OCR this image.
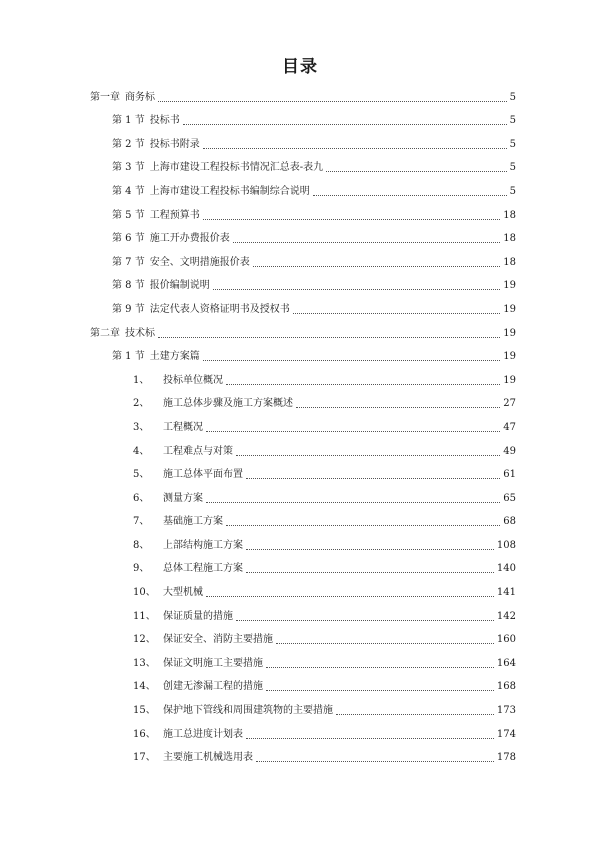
目录
第一章 商务标	5
第 1 节 投标书	5
第 2 节 投标书附录	5
第 3 节 上海市建设工程投标书情况汇总表-表九	5
第 4 节 上海市建设工程投标书编制综合说明	5
第 5 节 工程预算书	18
第 6 节 施工开办费报价表	18
第 7 节 安全、文明措施报价表	18
第 8 节 报价编制说明	19
第 9 节 法定代表人资格证明书及授权书	19
第二章 技术标	19
第 1 节 土建方案篇	19
1、	投标单位概况	19
2、	施工总体步骤及施工方案概述	27
3、	工程概况	47
4、	工程难点与对策	49
5、	施工总体平面布置	61
6、	测量方案	65
7、	基础施工方案	68
8、	上部结构施工方案	108
9、	总体工程施工方案	140
10、 大型机械	141
11、 保证质量的措施	142
12、 保证安全、消防主要措施	160
13、 保证文明施工主要措施	164
14、 创建无渗漏工程的措施	168
15、 保护地下管线和周围建筑物的主要措施	173
16、 施工总进度计划表	174
17、 主要施工机械选用表	178
